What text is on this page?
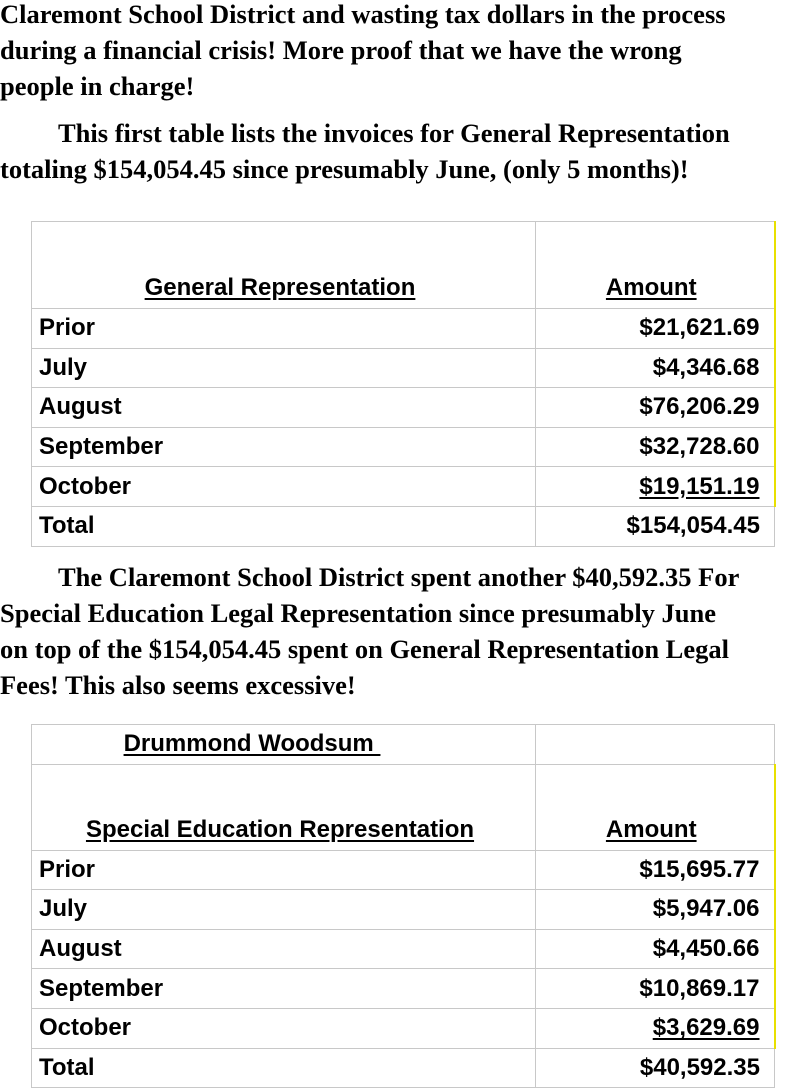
Claremont School District and wasting tax dollars in the process
during a financial crisis! More proof that we have the wrong
people in charge!

This first table lists the invoices for General Representation
totaling $154,054.45 since presumably June, (only 5 months)!

General Representation	Amount
Prior	$21,621.69
July	$4,346.68
August	$76,206.29
September	$32,728.60
October	$19,151.19
Total	$154,054.45

The Claremont School District spent another $40,592.35 For
Special Education Legal Representation since presumably June
on top of the $154,054.45 spent on General Representation Legal
Fees! This also seems excessive!

Drummond Woodsum	
Special Education Representation	Amount
Prior	$15,695.77
July	$5,947.06
August	$4,450.66
September	$10,869.17
October	$3,629.69
Total	$40,592.35
